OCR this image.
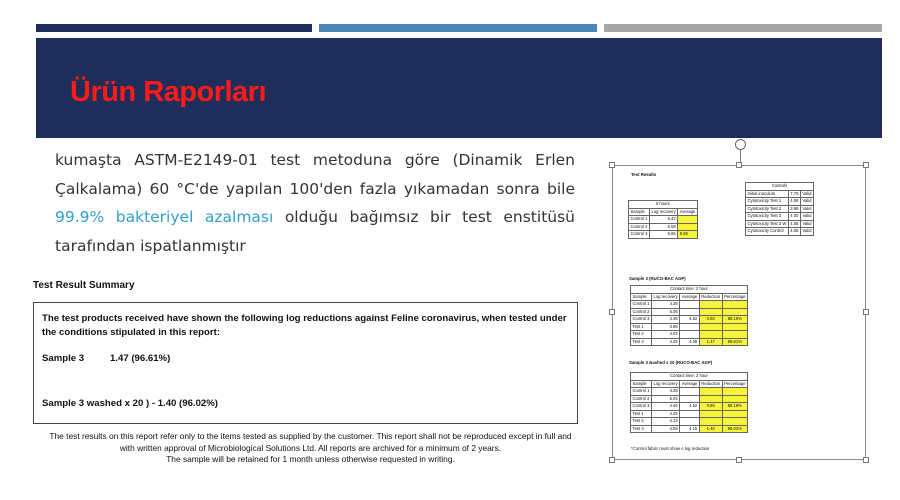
Ürün Raporları
kumaşta ASTM-E2149-01 test metoduna göre (Dinamik Erlen Çalkalama) 60 °C'de yapılan 100'den fazla yıkamadan sonra bile 99.9% bakteriyel azalması olduğu bağımsız bir test enstitüsü tarafından ispatlanmıştır
Test Result Summary
The test products received have shown the following log reductions against Feline coronavirus, when tested under the conditions stipulated in this report:
Sample 3	1.47 (96.61%)
Sample 3 washed x 20 ) - 1.40 (96.02%)
The test results on this report refer only to the items tested as supplied by the customer. This report shall not be reproduced except in full and
with written approval of Microbiological Solutions Ltd. All reports are archived for a minimum of 2 years.
The sample will be retained for 1 month unless otherwise requested in writing.
Test Results
0 hours		
Sample	Log recovery	Average
Control 1	5.42	
Control 2	5.58	
Control 3	5.66	5.55
Controls		
Initial inoculum	7.79	Valid
Cytotoxicity Test 1	4.08	Valid
Cytotoxicity Test 2	3.96	Valid
Cytotoxicity Test 3	4.00	Valid
Cytotoxicity Test 3 W	4.06	Valid
Cytotoxicity Control	4.08	Valid
Sample 3 (RUCO-BAC AGP)
Contact time: 2 hour				
Sample	Log recovery	Average	Reduction	Percentage
Control 1	4.38			
Control 2	5.06			
Control 3	4.46	4.62	0.93	88.19%
Test 1	3.96			
Test 2	4.04			
Test 3	4.25	4.08	1.47	96.61%
Sample 3 washed x 20 (RUCO-BAC AGP)
Contact time: 2 hour				
Sample	Log recovery	Average	Reduction	Percentage
Control 1	4.38			
Control 2	5.04			
Control 3	4.46	4.62	0.93	88.19%
Test 1	4.25			
Test 2	4.13			
Test 3	4.08	4.15	1.40	96.02%
*Control fabric must show ≤ log reduction
